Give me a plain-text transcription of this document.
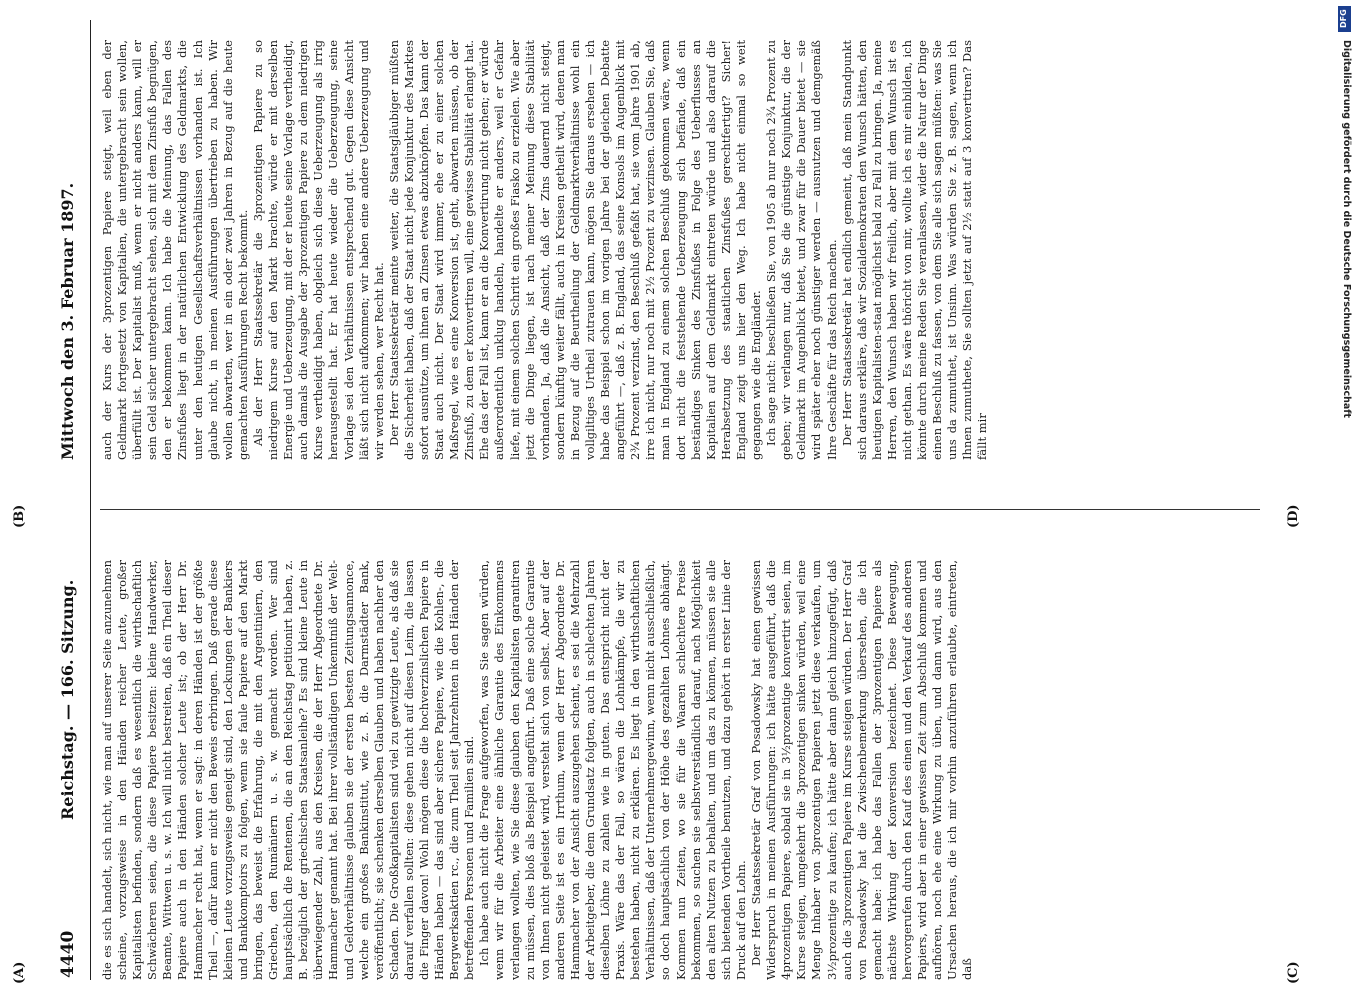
4440
Reichstag. — 166. Sitzung.
Mittwoch den 3. Februar 1897.
(A)
(B)
(C)
(D)

die es sich handelt, sich nicht, wie man auf unserer Seite anzunehmen scheine, vorzugsweise in den Händen reicher Leute, großer Kapitalisten befinden, sondern daß es wesentlich die wirthschaftlich Schwächeren seien, die diese Papiere besitzen: kleine Handwerker, Beamte, Wittwen u. s. w. Ich will nicht bestreiten, daß ein Theil dieser Papiere auch in den Händen solcher Leute ist; ob der Herr Dr. Hammacher recht hat, wenn er sagt: in deren Händen ist der größte Theil —, dafür kann er nicht den Beweis erbringen. Daß gerade diese kleinen Leute vorzugsweise geneigt sind, den Lockungen der Bankiers und Bankkomptoirs zu folgen, wenn sie faule Papiere auf den Markt bringen, das beweist die Erfahrung, die mit den Argentiniern, den Griechen, den Rumäniern u. s. w. gemacht worden. Wer sind hauptsächlich die Rentenen, die an den Reichstag petitionirt haben, z. B. bezüglich der griechischen Staatsanleihe? Es sind kleine Leute in überwiegender Zahl, aus den Kreisen, die der Herr Abgeordnete Dr. Hammacher genannt hat. Bei ihrer vollständigen Unkenntniß der Welt- und Geldverhältnisse glauben sie der ersten besten Zeitungsannonce, welche ein großes Bankinstitut, wie z. B. die Darmstädter Bank, veröffentlicht; sie schenken derselben Glauben und haben nachher den Schaden. Die Großkapitalisten sind viel zu gewitzigte Leute, als daß sie darauf verfallen sollten: diese gehen nicht auf diesen Leim, die lassen die Finger davon! Wohl mögen diese die hochverzinslichen Papiere in Händen haben — das sind aber sichere Papiere, wie die Kohlen-, die Bergwerksaktien rc., die zum Theil seit Jahrzehnten in den Händen der betreffenden Personen und Familien sind. Ich habe auch nicht die Frage aufgeworfen, was Sie sagen würden, wenn wir für die Arbeiter eine ähnliche Garantie des Einkommens verlangen wollten, wie Sie diese glauben den Kapitalisten garantiren zu müssen, dies bloß als Beispiel angeführt. Daß eine solche Garantie von Ihnen nicht geleistet wird, versteht sich von selbst. Aber auf der anderen Seite ist es ein Irrthum, wenn der Herr Abgeordnete Dr. Hammacher von der Ansicht auszugehen scheint, es sei die Mehrzahl der Arbeitgeber, die dem Grundsatz folgten, auch in schlechten Jahren dieselben Löhne zu zahlen wie in guten. Das entspricht nicht der Praxis. Wäre das der Fall, so wären die Lohnkämpfe, die wir zu bestehen haben, nicht zu erklären. Es liegt in den wirthschaftlichen Verhältnissen, daß der Unternehmergewinn, wenn nicht ausschließlich, so doch hauptsächlich von der Höhe des gezahlten Lohnes abhängt. Kommen nun Zeiten, wo sie für die Waaren schlechtere Preise bekommen, so suchen sie selbstverständlich darauf, nach Möglichkeit den alten Nutzen zu behalten, und um das zu können, müssen sie alle sich bietenden Vortheile benutzen, und dazu gehört in erster Linie der Druck auf den Lohn. Der Herr Staatssekretär Graf von Posadowsky hat einen gewissen Widerspruch in meinen Ausführungen: ich hätte ausgeführt, daß die 4prozentigen Papiere, sobald sie in 3½prozentige konvertirt seien, im Kurse steigen, umgekehrt die 3prozentigen sinken würden, weil eine Menge Inhaber von 3prozentigen Papieren jetzt diese verkaufen, um 3½prozentige zu kaufen; ich hätte aber dann gleich hinzugefügt, daß auch die 3prozentigen Papiere im Kurse steigen würden. Der Herr Graf von Posadowsky hat die Zwischenbemerkung übersehen, die ich gemacht habe: ich habe das Fallen der 3prozentigen Papiere als nächste Wirkung der Konversion bezeichnet. Diese Bewegung, hervorgerufen durch den Kauf des einen und den Verkauf des anderen Papiers, wird aber in einer gewissen Zeit zum Abschluß kommen und aufhören, noch ehe eine Wirkung zu üben, und dann wird, aus den Ursachen heraus, die ich mir vorhin anzuführen erlaubte, eintreten, daß

auch der Kurs der 3prozentigen Papiere steigt, weil eben der Geldmarkt fortgesetzt von Kapitalien, die untergebracht sein wollen, überfüllt ist. Der Kapitalist muß, wenn er nicht anders kann, will er sein Geld sicher untergebracht sehen, sich mit dem Zinsfuß begnügen, den er bekommen kann. Ich habe die Meinung, das Fallen des Zinsfußes liegt in der natürlichen Entwicklung des Geldmarkts, die unter den heutigen Gesellschaftsverhältnissen vorhanden ist. Ich glaube nicht, in meinen Ausführungen übertrieben zu haben. Wir wollen abwarten, wer in ein oder zwei Jahren in Bezug auf die heute gemachten Ausführungen Recht bekommt. Als der Herr Staatssekretär die 3prozentigen Papiere zu so niedrigem Kurse auf den Markt brachte, würde er mit derselben Energie und Ueberzeugung, mit der er heute seine Vorlage vertheidigt, auch damals die Ausgabe der 3prozentigen Papiere zu dem niedrigen Kurse vertheidigt haben, obgleich sich diese Ueberzeugung als irrig herausgestellt hat. Er hat heute wieder die Ueberzeugung, seine Vorlage sei den Verhältnissen entsprechend gut. Gegen diese Ansicht läßt sich nicht aufkommen; wir haben eine andere Ueberzeugung und wir werden sehen, wer Recht hat. Der Herr Staatssekretär meinte weiter, die Staatsgläubiger müßten die Sicherheit haben, daß der Staat nicht jede Konjunktur des Marktes sofort ausnütze, um ihnen an Zinsen etwas abzuknöpfen. Das kann der Staat auch nicht. Der Staat wird immer, ehe er zu einer solchen Maßregel, wie es eine Konversion ist, geht, abwarten müssen, ob der Zinsfuß, zu dem er konvertiren will, eine gewisse Stabilität erlangt hat. Ehe das der Fall ist, kann er an die Konvertirung nicht gehen; er würde außerordentlich unklug handeln, handelte er anders, weil er Gefahr liefe, mit einem solchen Schritt ein großes Fiasko zu erzielen. Wie aber jetzt die Dinge liegen, ist nach meiner Meinung diese Stabilität vorhanden. Ja, daß die Ansicht, daß der Zins dauernd nicht steigt, sondern künftig weiter fällt, auch in Kreisen getheilt wird, denen man in Bezug auf die Beurtheilung der Geldmarktverhältnisse wohl ein vollgiltiges Urtheil zutrauen kann, mögen Sie daraus ersehen — ich habe das Beispiel schon im vorigen Jahre bei der gleichen Debatte angeführt —, daß z. B. England, das seine Konsols im Augenblick mit 2¾ Prozent verzinst, den Beschluß gefaßt hat, sie vom Jahre 1901 ab, irre ich nicht, nur noch mit 2½ Prozent zu verzinsen. Glauben Sie, daß man in England zu einem solchen Beschluß gekommen wäre, wenn dort nicht die feststehende Ueberzeugung sich befände, daß ein beständiges Sinken des Zinsfußes in Folge des Ueberflusses an Kapitalien auf dem Geldmarkt eintreten würde und also darauf die Herabsetzung des staatlichen Zinsfußes gerechtfertigt? Sicher! England zeigt uns hier den Weg. Ich habe nicht einmal so weit gegangen wie die Engländer. Ich sage nicht: beschließen Sie, von 1905 ab nur noch 2¾ Prozent zu geben; wir verlangen nur, daß Sie die günstige Konjunktur, die der Geldmarkt im Augenblick bietet, und zwar für die Dauer bietet — sie wird später eher noch günstiger werden — ausnutzen und demgemäß Ihre Geschäfte für das Reich machen. Der Herr Staatssekretär hat endlich gemeint, daß mein Standpunkt sich daraus erkläre, daß wir Sozialdemokraten den Wunsch hätten, den heutigen Kapitalisten-staat möglichst bald zu Fall zu bringen. Ja, meine Herren, den Wunsch haben wir freilich, aber mit dem Wunsch ist es nicht gethan. Es wäre thöricht von mir, wollte ich es mir einbilden, ich könnte durch meine Reden Sie veranlassen, wider die Natur der Dinge einen Beschluß zu fassen, von dem Sie alle sich sagen müßten: was Sie uns da zumuthet, ist Unsinn. Was würden Sie z. B. sagen, wenn ich Ihnen zumuthete, Sie sollten jetzt auf 2½ statt auf 3 konvertiren? Das fällt mir

DFG
Digitalisierung gefördert durch die Deutsche Forschungsgemeinschaft
